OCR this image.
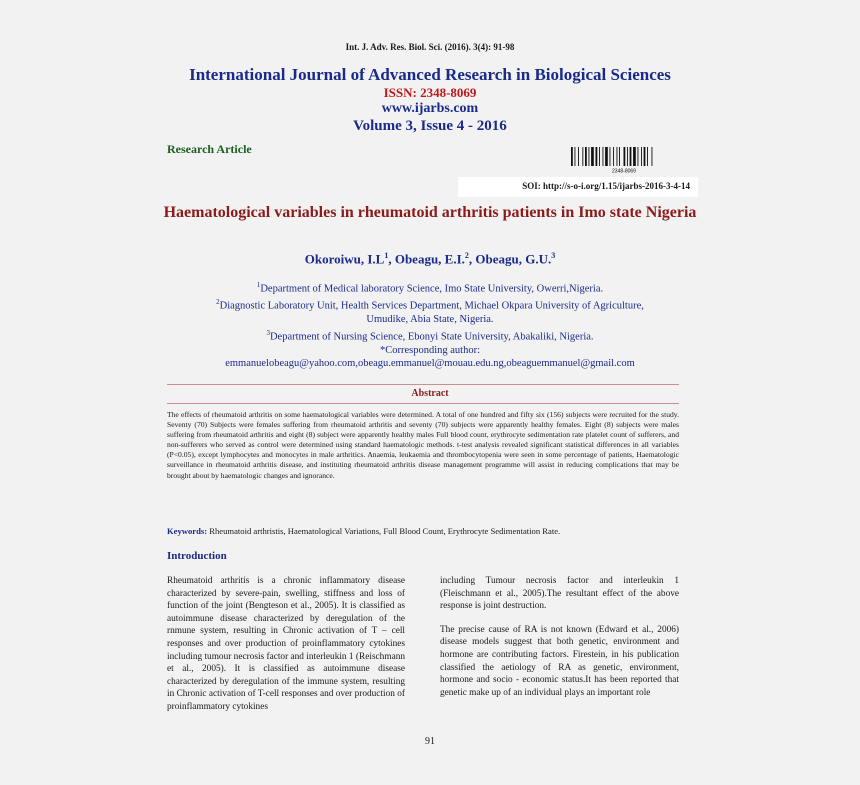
Int. J. Adv. Res. Biol. Sci. (2016). 3(4): 91-98
International Journal of Advanced Research in Biological Sciences
ISSN: 2348-8069
www.ijarbs.com
Volume 3, Issue 4 - 2016
Research Article
2348-8069
SOI: http://s-o-i.org/1.15/ijarbs-2016-3-4-14
Haematological variables in rheumatoid arthritis patients in Imo state Nigeria
Okoroiwu, $I.L^1$, Obeagu, E.I.$^2$, Obeagu, G.U.$^3$
$^1$Department of Medical laboratory Science, Imo State University, Owerri,Nigeria.
$^2$Diagnostic Laboratory Unit, Health Services Department, Michael Okpara University of Agriculture,
Umudike, Abia State, Nigeria.
$^3$Department of Nursing Science, Ebonyi State University, Abakaliki, Nigeria.
*Corresponding author:
emmanuelobeagu@yahoo.com,obeagu.emmanuel@mouau.edu.ng,obeaguemmanuel@gmail.com
Abstract
The effects of rheumatoid arthritis on some haematological variables were determined. A total of one hundred and fifty six (156) subjects were recruited for the study. Seventy (70) Subjects were females suffering from rheumatoid arthritis and seventy (70) subjects were apparently healthy females. Eight (8) subjects were males suffering from rheumatoid arthritis and eight (8) subject were apparently healthy males Full blood count, erythrocyte sedimentation rate platelet count of sufferers, and non-sufferers who served as control were determined using standard haematologic methods. t-test analysis revealed significant statistical differences in all variables (P<0.05), except lymphocytes and monocytes in male arthritics. Anaemia, leukaemia and thrombocytopenia were seen in some percentage of patients, Haematologic surveillance in rheumatoid arthritis disease, and instituting rheumatoid arthritis disease management programme will assist in reducing complications that may be brought about by haematologic changes and ignorance.
Keywords: Rheumatoid arthristis, Haematological Variations, Full Blood Count, Erythrocyte Sedimentation Rate.
Introduction

Rheumatoid arthritis is a chronic inflammatory disease characterized by severe-pain, swelling, stiffness and loss of function of the joint (Bengteson et al., 2005). It is classified as autoimmune disease characterized by deregulation of the rnmune system, resulting in Chronic activation of T – cell responses and over production of proinflammatory cytokines including tumour necrosis factor and interleukin 1 (Reischmann et al., 2005). It is classified as autoimmune disease characterized by deregulation of the immune system, resulting in Chronic activation of T-cell responses and over production of proinflammatory cytokines

including Tumour necrosis factor and interleukin 1 (Fleischmann et al., 2005).The resultant effect of the above response is joint destruction.

The precise cause of RA is not known (Edward et al., 2006) disease models suggest that both genetic, environment and hormone are contributing factors. Firestein, in his publication classified the aetiology of RA as genetic, environment, hormone and socio - economic status.It has been reported that genetic make up of an individual plays an important role

91
